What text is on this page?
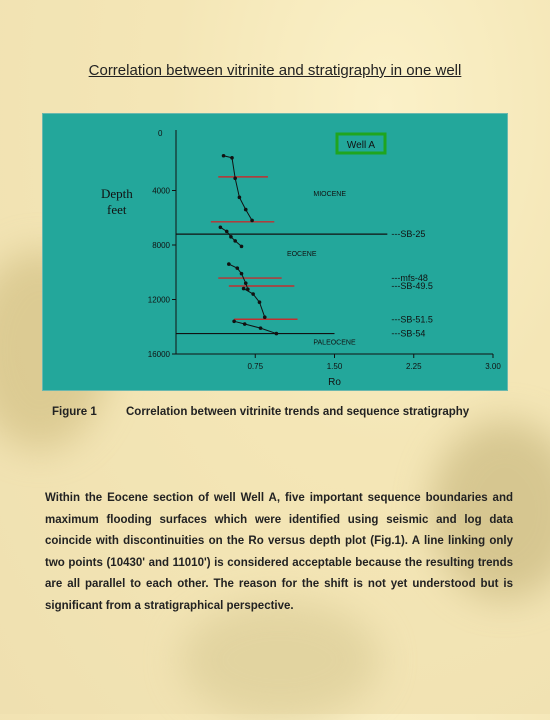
Correlation between vitrinite and stratigraphy in one well
0
4000
8000
12000
16000
0.75	1.50	2.25	3.00
Ro
Depth
feet
Well A
MIOCENE
EOCENE
PALEOCENE
---SB-25
---mfs-48
---SB-49.5
---SB-51.5
---SB-54
Figure 1	Correlation between vitrinite trends and sequence stratigraphy
Within the Eocene section of well Well A, five important sequence boundaries and maximum flooding surfaces which were identified using seismic and log data coincide with discontinuities on the Ro versus depth plot (Fig.1). A line linking only two points (10430' and 11010') is considered acceptable because the resulting trends are all parallel to each other. The reason for the shift is not yet understood but is significant from a stratigraphical perspective.
